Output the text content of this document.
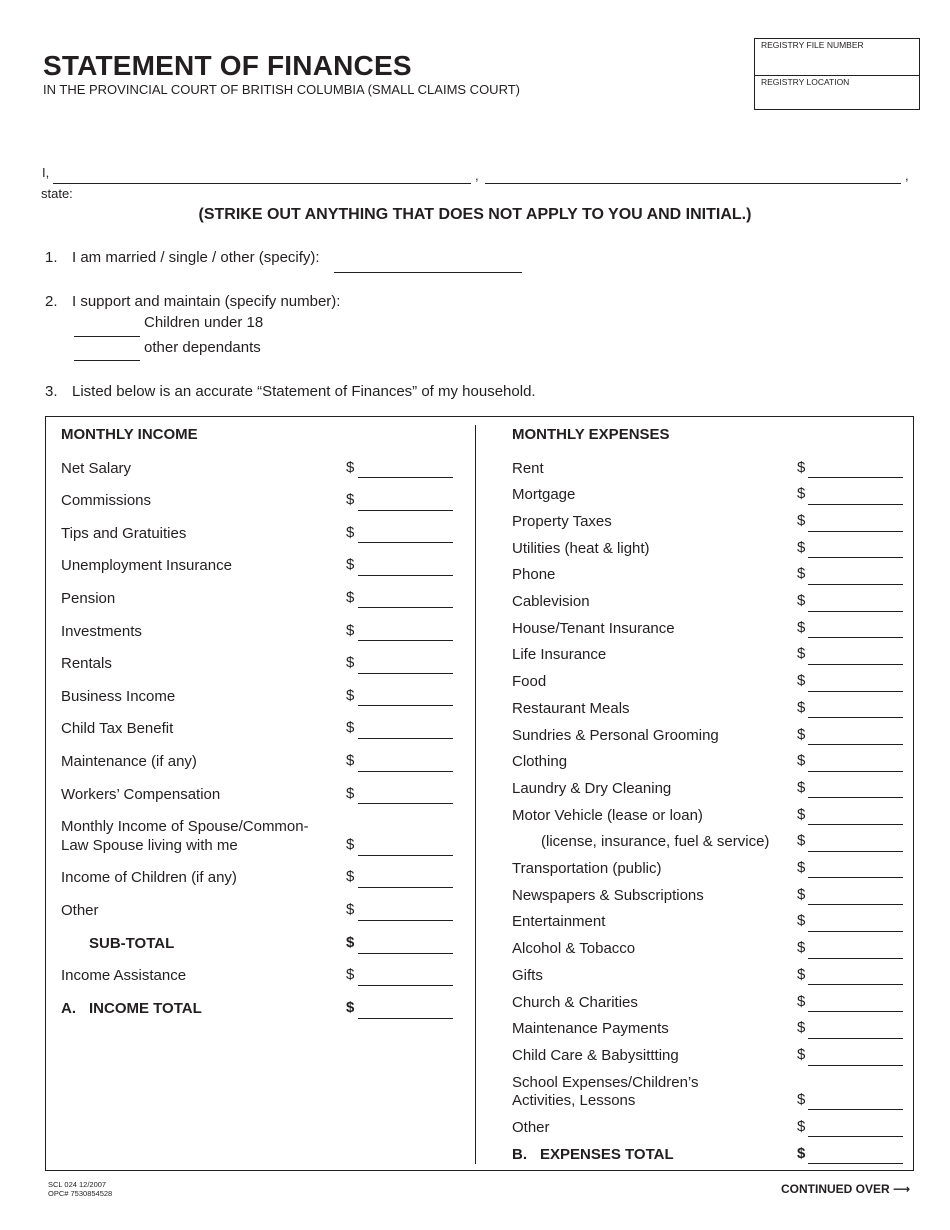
STATEMENT OF FINANCES
IN THE PROVINCIAL COURT OF BRITISH COLUMBIA (SMALL CLAIMS COURT)
REGISTRY FILE NUMBER
REGISTRY LOCATION
I,	,	,
state:
(STRIKE OUT ANYTHING THAT DOES NOT APPLY TO YOU AND INITIAL.)
1. I am married / single / other (specify):
2. I support and maintain (specify number):
Children under 18
other dependants
3. Listed below is an accurate “Statement of Finances” of my household.
MONTHLY INCOME	MONTHLY EXPENSES
Net Salary	$
Commissions	$
Tips and Gratuities	$
Unemployment Insurance	$
Pension	$
Investments	$
Rentals	$
Business Income	$
Child Tax Benefit	$
Maintenance (if any)	$
Workers’ Compensation	$
Monthly Income of Spouse/Common-
Law Spouse living with me	$
Income of Children (if any)	$
Other	$
SUB-TOTAL	$
Income Assistance	$
A. INCOME TOTAL	$
Rent	$
Mortgage	$
Property Taxes	$
Utilities (heat & light)	$
Phone	$
Cablevision	$
House/Tenant Insurance	$
Life Insurance	$
Food	$
Restaurant Meals	$
Sundries & Personal Grooming	$
Clothing	$
Laundry & Dry Cleaning	$
Motor Vehicle (lease or loan)	$
(license, insurance, fuel & service) $
Transportation (public)	$
Newspapers & Subscriptions	$
Entertainment	$
Alcohol & Tobacco	$
Gifts	$
Church & Charities	$
Maintenance Payments	$
Child Care & Babysittting	$
School Expenses/Children’s
Activities, Lessons	$
Other	$
B. EXPENSES TOTAL	$
SCL 024 12/2007
OPC# 7530854528	CONTINUED OVER ⟶
